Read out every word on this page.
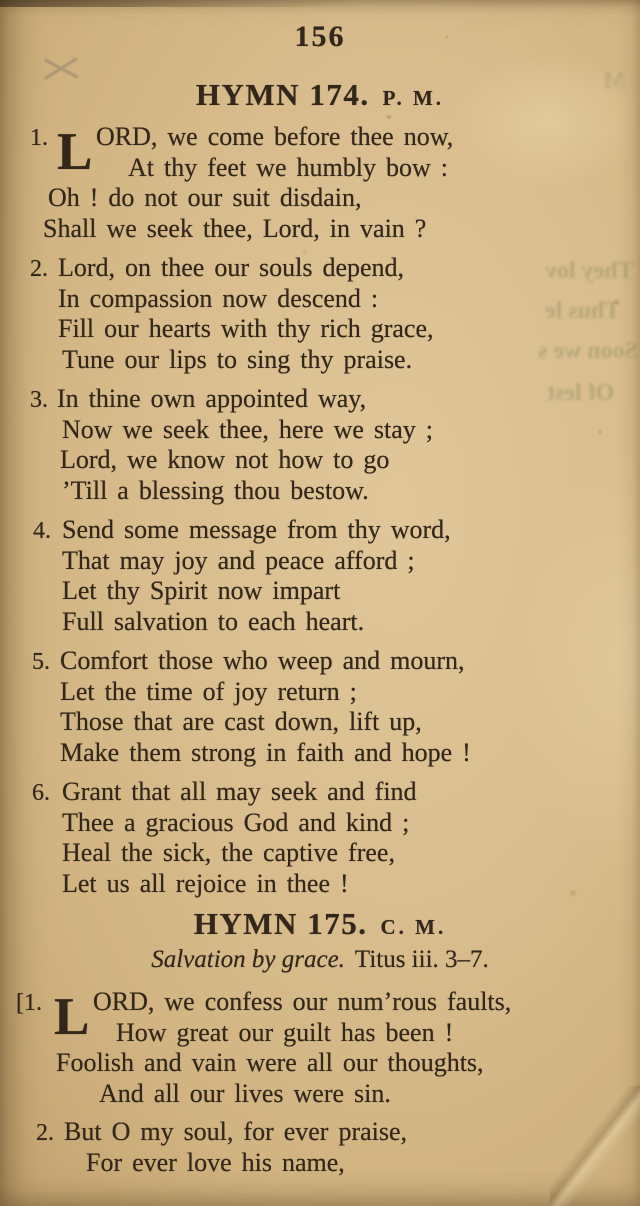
They lov
Thus le
Soon we s
Of lest
M
156
HYMN 174. P. M.
1. L ORD, we come before thee now,
At thy feet we humbly bow :
Oh ! do not our suit disdain,
Shall we seek thee, Lord, in vain ?
2. Lord, on thee our souls depend,
In compassion now descend :
Fill our hearts with thy rich grace,
Tune our lips to sing thy praise.
3. In thine own appointed way,
Now we seek thee, here we stay ;
Lord, we know not how to go
’Till a blessing thou bestow.
4. Send some message from thy word,
That may joy and peace afford ;
Let thy Spirit now impart
Full salvation to each heart.
5. Comfort those who weep and mourn,
Let the time of joy return ;
Those that are cast down, lift up,
Make them strong in faith and hope !
6. Grant that all may seek and find
Thee a gracious God and kind ;
Heal the sick, the captive free,
Let us all rejoice in thee !
HYMN 175. C. M.
Salvation by grace. Titus iii. 3–7.
[1. L ORD, we confess our num’rous faults,
How great our guilt has been !
Foolish and vain were all our thoughts,
And all our lives were sin.
2. But O my soul, for ever praise,
For ever love his name,
